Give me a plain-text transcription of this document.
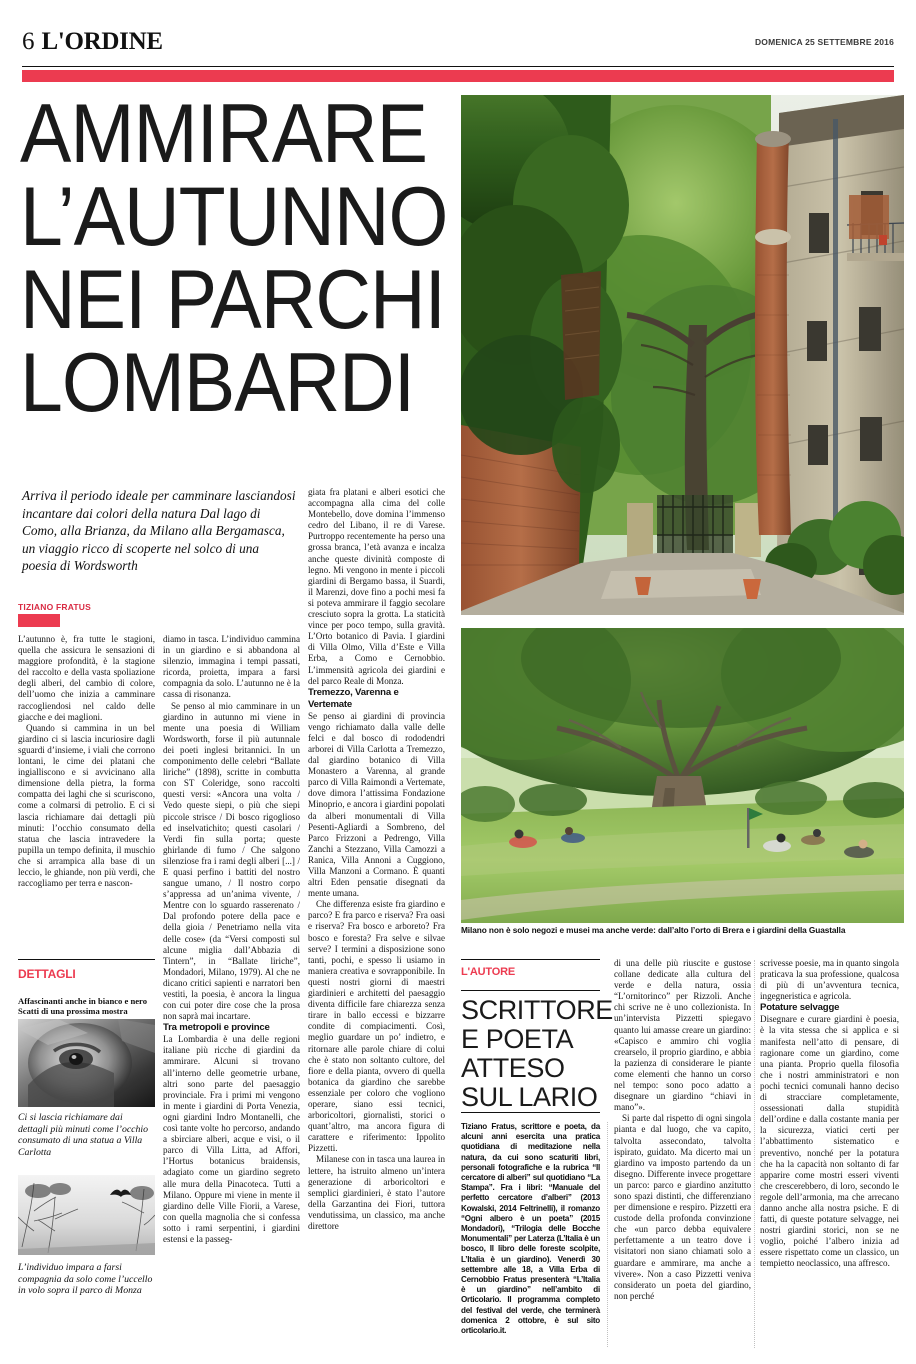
6 L'ORDINE	DOMENICA 25 SETTEMBRE 2016
AMMIRARE
L’AUTUNNO
NEI PARCHI
LOMBARDI
Arriva il periodo ideale per camminare lasciandosi incantare dai colori della natura Dal lago di Como, alla Brianza, da Milano alla Bergamasca, un viaggio ricco di scoperte nel solco di una poesia di Wordsworth
TIZIANO FRATUS

L’autunno è, fra tutte le stagioni, quella che assicura le sensazioni di maggiore profondità, è la stagione del raccolto e della vasta spoliazione degli alberi, del cambio di colore, dell’uomo che inizia a camminare raccogliendosi nel caldo delle giacche e dei maglioni.

Quando si cammina in un bel giardino ci si lascia incuriosire dagli sguardi d’insieme, i viali che corrono lontani, le cime dei platani che ingialliscono e si avvicinano alla dimensione della pietra, la forma compatta dei laghi che si scuriscono, come a colmarsi di petrolio. E ci si lascia richiamare dai dettagli più minuti: l’occhio consumato della statua che lascia intravedere la pupilla un tempo definita, il muschio che si arrampica alla base di un leccio, le ghiande, non più verdi, che raccogliamo per terra e nascon-

diamo in tasca. L’individuo cammina in un giardino e si abbandona al silenzio, immagina i tempi passati, ricorda, proietta, impara a farsi compagnia da solo. L’autunno ne è la cassa di risonanza.

Se penso al mio camminare in un giardino in autunno mi viene in mente una poesia di William Wordsworth, forse il più autunnale dei poeti inglesi britannici. In un componimento delle celebri “Ballate liriche” (1898), scritte in combutta con ST Coleridge, sono raccolti questi versi: «Ancora una volta / Vedo queste siepi, o più che siepi piccole strisce / Di bosco rigoglioso ed inselvatichito; questi casolari / Verdi fin sulla porta; queste ghirlande di fumo / Che salgono silenziose fra i rami degli alberi [...] / E quasi perfino i battiti del nostro sangue umano, / Il nostro corpo s’appressa ad un’anima vivente, / Mentre con lo sguardo rasserenato / Dal profondo potere della pace e della gioia / Penetriamo nella vita delle cose» (da “Versi composti sul alcune miglia dall’Abbazia di Tintern”, in “Ballate liriche”, Mondadori, Milano, 1979). Al che ne dicano critici sapienti e narratori ben vestiti, la poesia, è ancora la lingua con cui poter dire cose che la prosa non saprà mai incartare.

Tra metropoli e province

La Lombardia è una delle regioni italiane più ricche di giardini da ammirare. Alcuni si trovano all’interno delle geometrie urbane, altri sono parte del paesaggio provinciale. Fra i primi mi vengono in mente i giardini di Porta Venezia, ogni giardini Indro Montanelli, che così tante volte ho percorso, andando a sbirciare alberi, acque e visi, o il parco di Villa Litta, ad Affori, l’Hortus botanicus braidensis, adagiato come un giardino segreto alle mura della Pinacoteca. Tutti a Milano. Oppure mi viene in mente il giardino delle Ville Fiorii, a Varese, con quella magnolia che si confessa sotto i rami serpentini, i giardini estensi e la passeg-

giata fra platani e alberi esotici che accompagna alla cima del colle Montebello, dove domina l’immenso cedro del Libano, il re di Varese. Purtroppo recentemente ha perso una grossa branca, l’età avanza e incalza anche queste divinità composte di legno. Mi vengono in mente i piccoli giardini di Bergamo bassa, il Suardi, il Marenzi, dove fino a pochi mesi fa si poteva ammirare il faggio secolare cresciuto sopra la grotta. La staticità vince per poco tempo, sulla gravità. L’Orto botanico di Pavia. I giardini di Villa Olmo, Villa d’Este e Villa Erba, a Como e Cernobbio. L’immensità agricola dei giardini e del parco Reale di Monza.

Tremezzo, Varenna e Vertemate

Se penso ai giardini di provincia vengo richiamato dalla valle delle felci e dal bosco di rododendri arborei di Villa Carlotta a Tremezzo, dal giardino botanico di Villa Monastero a Varenna, al grande parco di Villa Raimondi a Vertemate, dove dimora l’attissima Fondazione Minoprio, e ancora i giardini popolati da alberi monumentali di Villa Pesenti-Agliardi a Sombreno, del Parco Frizzoni a Pedrengo, Villa Zanchi a Stezzano, Villa Camozzi a Ranica, Villa Annoni a Cuggiono, Villa Manzoni a Cormano. È quanti altri Eden pensatie disegnati da mente umana.

Che differenza esiste fra giardino e parco? E fra parco e riserva? Fra oasi e riserva? Fra bosco e arboreto? Fra bosco e foresta? Fra selve e silvae serve? I termini a disposizione sono tanti, pochi, e spesso li usiamo in maniera creativa e sovrapponibile. In questi nostri giorni di maestri giardinieri e architetti del paesaggio diventa difficile fare chiarezza senza tirare in ballo eccessi e bizzarre condite di compiacimenti. Così, meglio guardare un po’ indietro, e ritornare alle parole chiare di colui che è stato non soltanto cultore, del fiore e della pianta, ovvero di quella botanica da giardino che sarebbe essenziale per coloro che vogliono operare, siano essi tecnici, arboricoltori, giornalisti, storici o quant’altro, ma ancora figura di carattere e riferimento: Ippolito Pizzetti.

Milanese con in tasca una laurea in lettere, ha istruito almeno un’intera generazione di arboricoltori e semplici giardinieri, è stato l’autore della Garzantina dei Fiori, tuttora vendutissima, un classico, ma anche direttore

DETTAGLI
Affascinanti anche in bianco e nero
Scatti di una prossima mostra
Ci si lascia richiamare dai dettagli più minuti come l’occhio consumato di una statua a Villa Carlotta
L’individuo impara a farsi compagnia da solo come l’uccello in volo sopra il parco di Monza
Milano non è solo negozi e musei ma anche verde: dall’alto l’orto di Brera e i giardini della Guastalla
L'AUTORE
SCRITTORE
E POETA
ATTESO
SUL LARIO
Tiziano Fratus, scrittore e poeta, da alcuni anni esercita una pratica quotidiana di meditazione nella natura, da cui sono scaturiti libri, personali fotografiche e la rubrica “Il cercatore di alberi” sul quotidiano “La Stampa”. Fra i libri: “Manuale del perfetto cercatore d’alberi” (2013 Kowalski, 2014 Feltrinelli), il romanzo “Ogni albero è un poeta” (2015 Mondadori), “Trilogia delle Bocche Monumentali” per Laterza (L’Italia è un bosco, Il libro delle foreste scolpite, L’Italia è un giardino). Venerdì 30 settembre alle 18, a Villa Erba di Cernobbio Fratus presenterà “L’Italia è un giardino” nell’ambito di Orticolario. Il programma completo del festival del verde, che terminerà domenica 2 ottobre, è sul sito orticolario.it.

di una delle più riuscite e gustose collane dedicate alla cultura del verde e della natura, ossia “L’ornitorinco” per Rizzoli. Anche chi scrive ne è uno collezionista. In un’intervista Pizzetti spiegavo quanto lui amasse creare un giardino: «Capisco e ammiro chi voglia crearselo, il proprio giardino, e abbia la pazienza di considerare le piante come elementi che hanno un corso nel tempo: sono poco adatto a disegnare un giardino “chiavi in mano”».

Si parte dal rispetto di ogni singola pianta e dal luogo, che va capito, talvolta assecondato, talvolta ispirato, guidato. Ma dicerto mai un giardino va imposto partendo da un disegno. Differente invece progettare un parco: parco e giardino anzitutto sono spazi distinti, che differenziano per dimensione e respiro. Pizzetti era custode della profonda convinzione che «un parco debba equivalere perfettamente a un teatro dove i visitatori non siano chiamati solo a guardare e ammirare, ma anche a vivere». Non a caso Pizzetti veniva considerato un poeta del giardino, non perché

scrivesse poesie, ma in quanto singola praticava la sua professione, qualcosa di più di un’avventura tecnica, ingegneristica e agricola.

Potature selvagge

Disegnare e curare giardini è poesia, è la vita stessa che si applica e si manifesta nell’atto di pensare, di ragionare come un giardino, come una pianta. Proprio quella filosofia che i nostri amministratori e non pochi tecnici comunali hanno deciso di stracciare completamente, ossessionati dalla stupidità dell’ordine e dalla costante mania per la sicurezza, viatici certi per l’abbattimento sistematico e preventivo, nonché per la potatura che ha la capacità non soltanto di far apparire come mostri esseri viventi che crescerebbero, di loro, secondo le regole dell’armonia, ma che arrecano danno anche alla nostra psiche. E di fatti, di queste potature selvagge, nei nostri giardini storici, non se ne voglio, poiché l’albero inizia ad essere rispettato come un classico, un tempietto neoclassico, una affresco.
